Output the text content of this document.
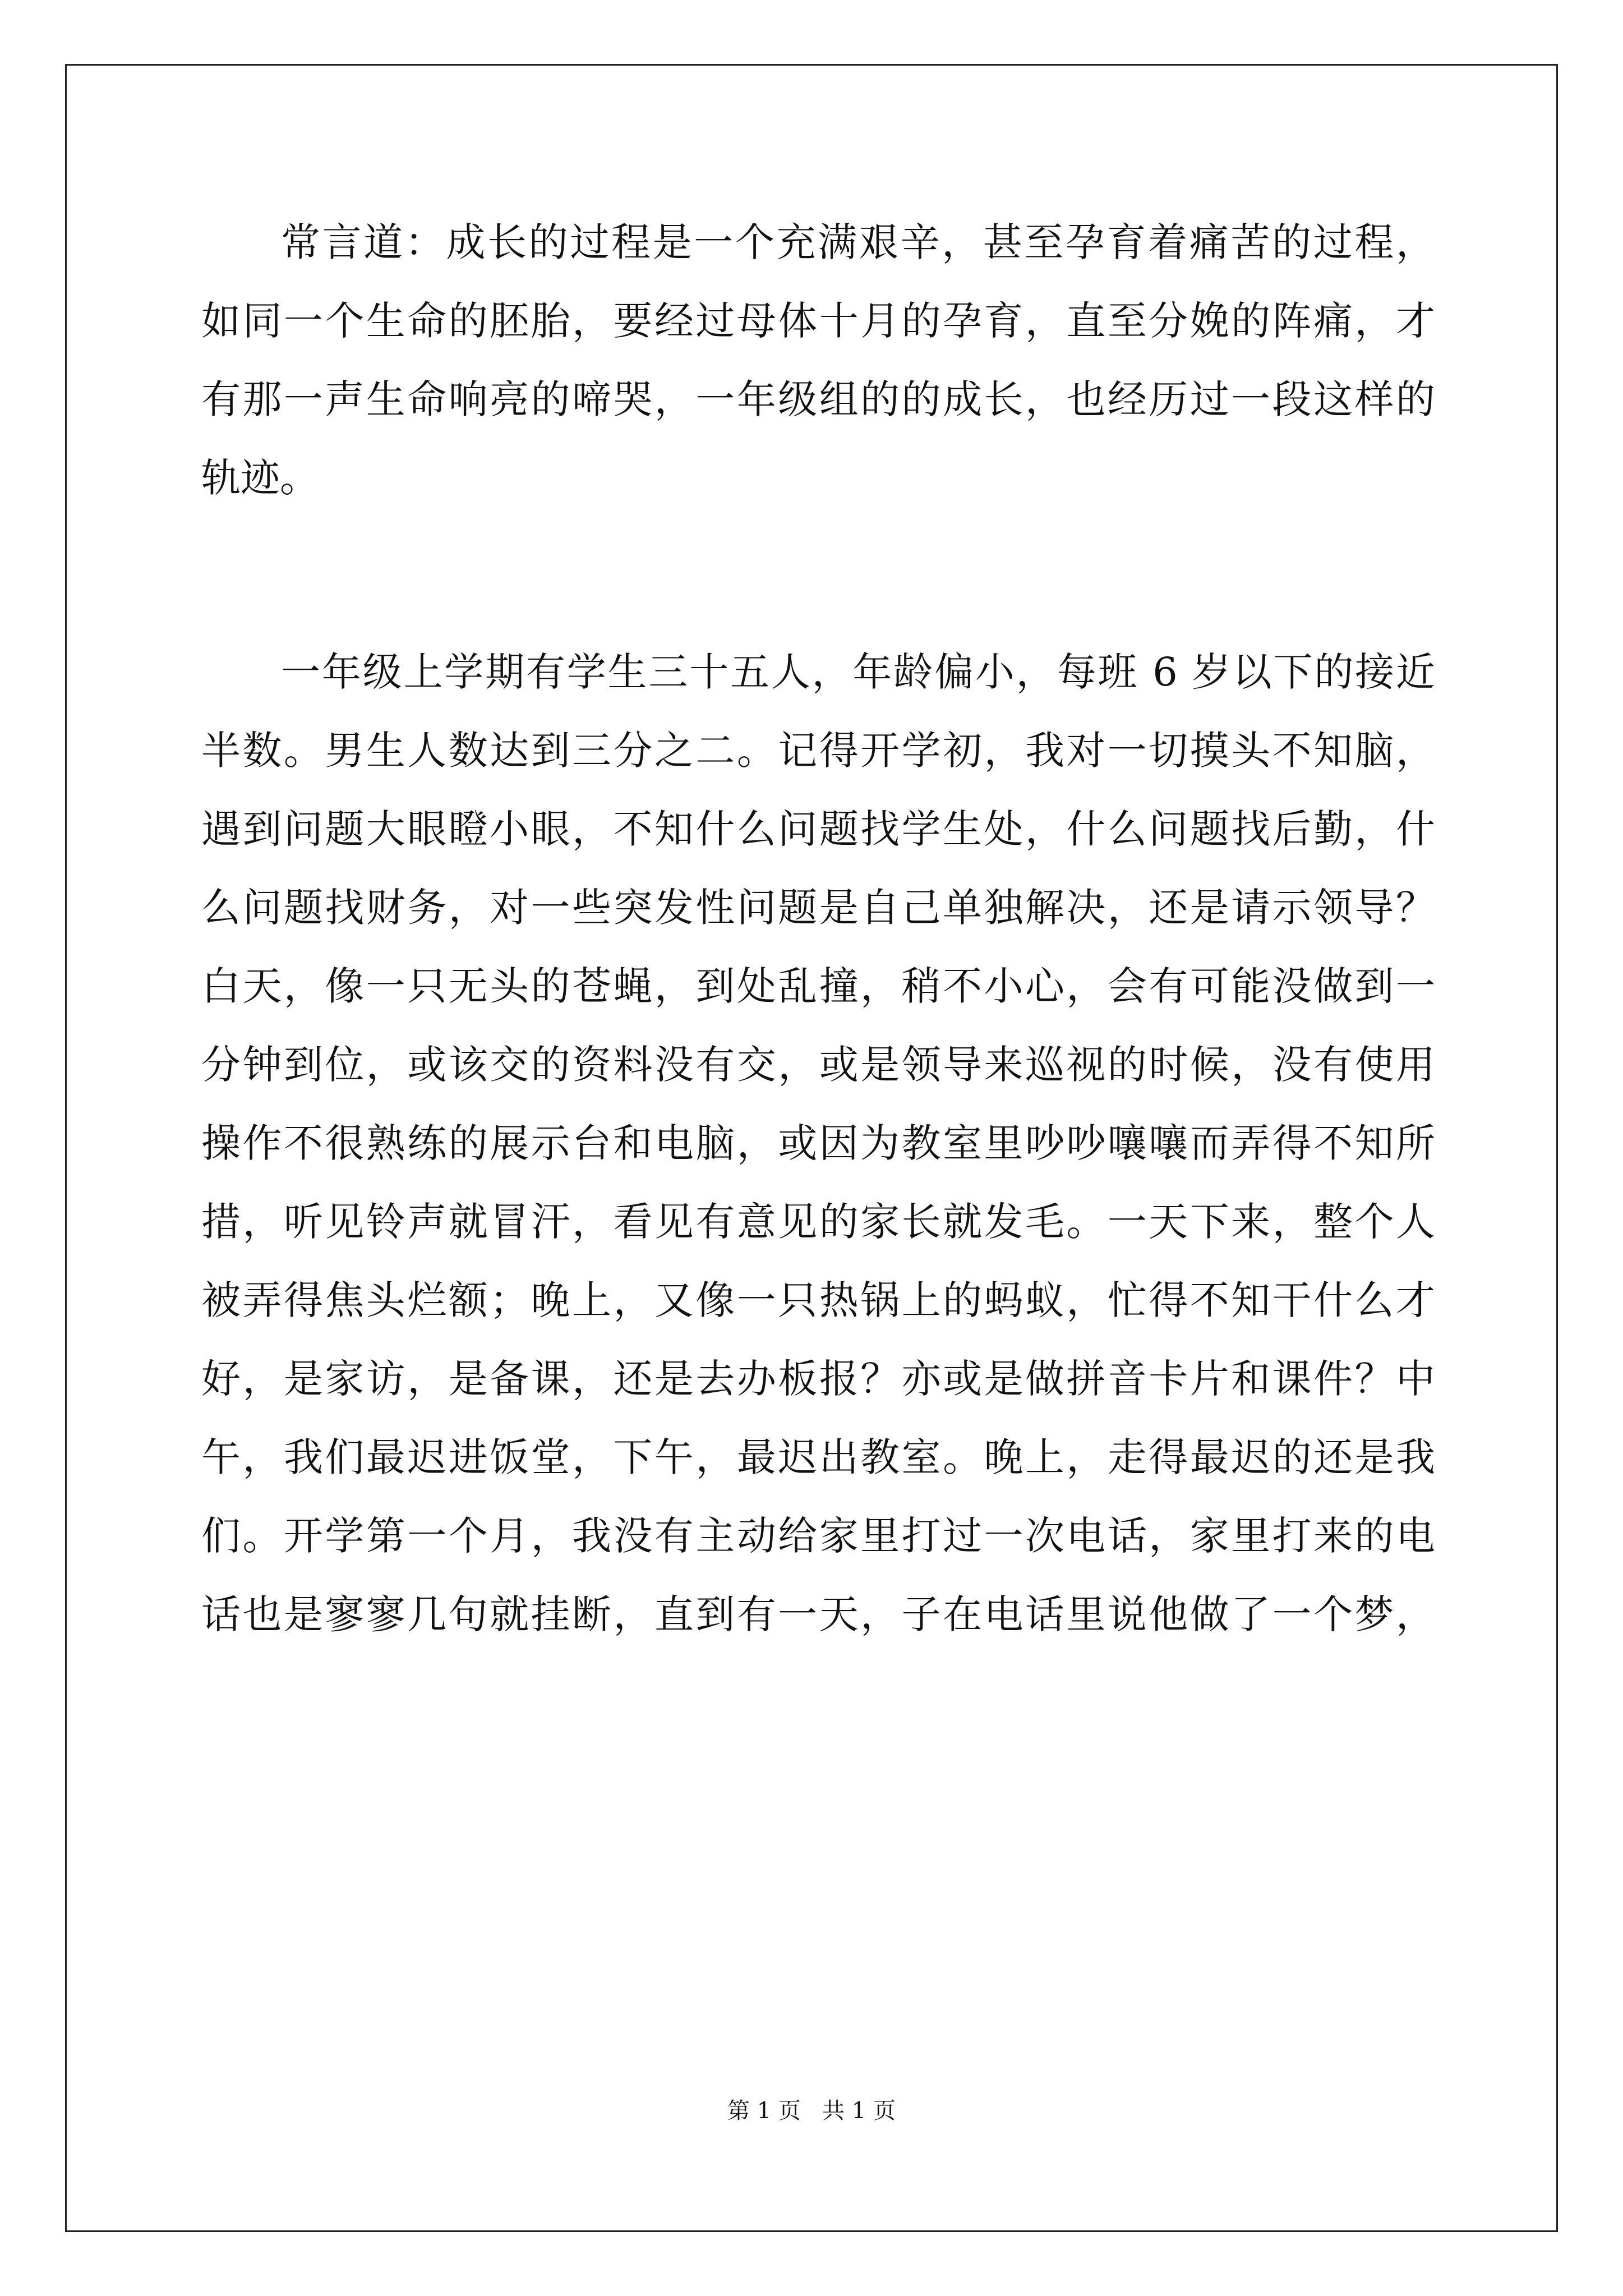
常言道：成长的过程是一个充满艰辛，甚至孕育着痛苦的过程，
如同一个生命的胚胎，要经过母体十月的孕育，直至分娩的阵痛，才
有那一声生命响亮的啼哭，一年级组的的成长，也经历过一段这样的
轨迹。
一年级上学期有学生三十五人，年龄偏小，每班 6 岁以下的接近
半数。男生人数达到三分之二。记得开学初，我对一切摸头不知脑，
遇到问题大眼瞪小眼，不知什么问题找学生处，什么问题找后勤，什
么问题找财务，对一些突发性问题是自己单独解决，还是请示领导？
白天，像一只无头的苍蝇，到处乱撞，稍不小心，会有可能没做到一
分钟到位，或该交的资料没有交，或是领导来巡视的时候，没有使用
操作不很熟练的展示台和电脑，或因为教室里吵吵嚷嚷而弄得不知所
措，听见铃声就冒汗，看见有意见的家长就发毛。一天下来，整个人
被弄得焦头烂额；晚上，又像一只热锅上的蚂蚁，忙得不知干什么才
好，是家访，是备课，还是去办板报？亦或是做拼音卡片和课件？中
午，我们最迟进饭堂，下午，最迟出教室。晚上，走得最迟的还是我
们。开学第一个月，我没有主动给家里打过一次电话，家里打来的电
话也是寥寥几句就挂断，直到有一天，子在电话里说他做了一个梦，
第 1 页   共 1 页
